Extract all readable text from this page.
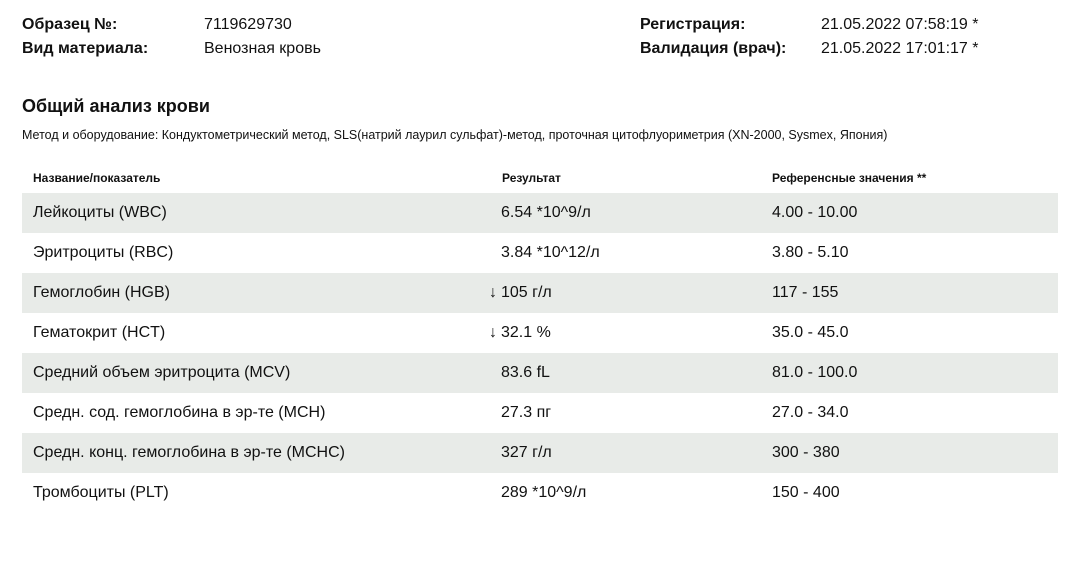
Образец №:	7119629730
Вид материала:	Венозная кровь
Регистрация:	21.05.2022 07:58:19 *
Валидация (врач): 21.05.2022 17:01:17 *
Общий анализ крови
Метод и оборудование: Кондуктометрический метод, SLS(натрий лаурил сульфат)-метод, проточная цитофлуориметрия (XN-2000, Sysmex, Япония)
Название/показатель	Результат	Референсные значения **
Лейкоциты (WBC)	6.54 *10^9/л	4.00 - 10.00
Эритроциты (RBC)	3.84 *10^12/л	3.80 - 5.10
Гемоглобин (HGB)	↓ 105 г/л	117 - 155
Гематокрит (HCT)	↓ 32.1 %	35.0 - 45.0
Средний объем эритроцита (MCV)	83.6 fL	81.0 - 100.0
Средн. сод. гемоглобина в эр-те (MCH)	27.3 пг	27.0 - 34.0
Средн. конц. гемоглобина в эр-те (MCHC)	327 г/л	300 - 380
Тромбоциты (PLT)	289 *10^9/л	150 - 400
